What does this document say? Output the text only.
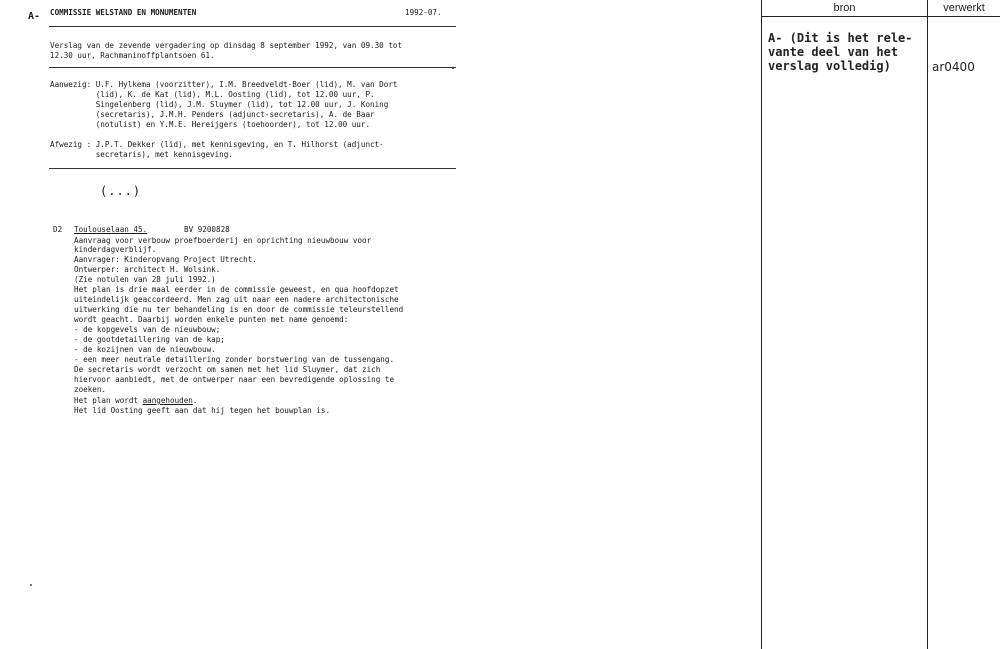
A- COMMISSIE WELSTAND EN MONUMENTEN	1992-07.
Verslag van de zevende vergadering op dinsdag 8 september 1992, van 09.30 tot
12.30 uur, Rachmaninoffplantsoen 61.
Aanwezig: U.F. Hylkema (voorzitter), I.M. Breedveldt-Boer (lid), M. van Dort
(lid), K. de Kat (lid), M.L. Oosting (lid), tot 12.00 uur, P.
Singelenberg (lid), J.M. Sluymer (lid), tot 12.00 uur, J. Koning
(secretaris), J.M.H. Penders (adjunct-secretaris), A. de Baar
(notulist) en Y.M.E. Hereijgers (toehoorder), tot 12.00 uur.
Afwezig : J.P.T. Dekker (lid), met kennisgeving, en T. Hilhorst (adjunct-
secretaris), met kennisgeving.
(...)
D2 Toulouselaan 45.	BV 9200828
Aanvraag voor verbouw proefboerderij en oprichting nieuwbouw voor
kinderdagverblijf.
Aanvrager: Kinderopvang Project Utrecht.
Ontwerper: architect H. Wolsink.
(Zie notulen van 28 juli 1992.)
Het plan is drie maal eerder in de commissie geweest, en qua hoofdopzet
uiteindelijk geaccordeerd. Men zag uit naar een nadere architectonische
uitwerking die nu ter behandeling is en door de commissie teleurstellend
wordt geacht. Daarbij worden enkele punten met name genoemd:
- de kopgevels van de nieuwbouw;
- de gootdetaillering van de kap;
- de kozijnen van de nieuwbouw.
- een meer neutrale detaillering zonder borstwering van de tussengang.
De secretaris wordt verzocht om samen met het lid Sluymer, dat zich
hiervoor aanbiedt, met de ontwerper naar een bevredigende oplossing te
zoeken.
Het plan wordt aangehouden.
Het lid Oosting geeft aan dat hij tegen het bouwplan is.
bron	verwerkt
A- (Dit is het rele-
vante deel van het
verslag volledig)	ar0400
